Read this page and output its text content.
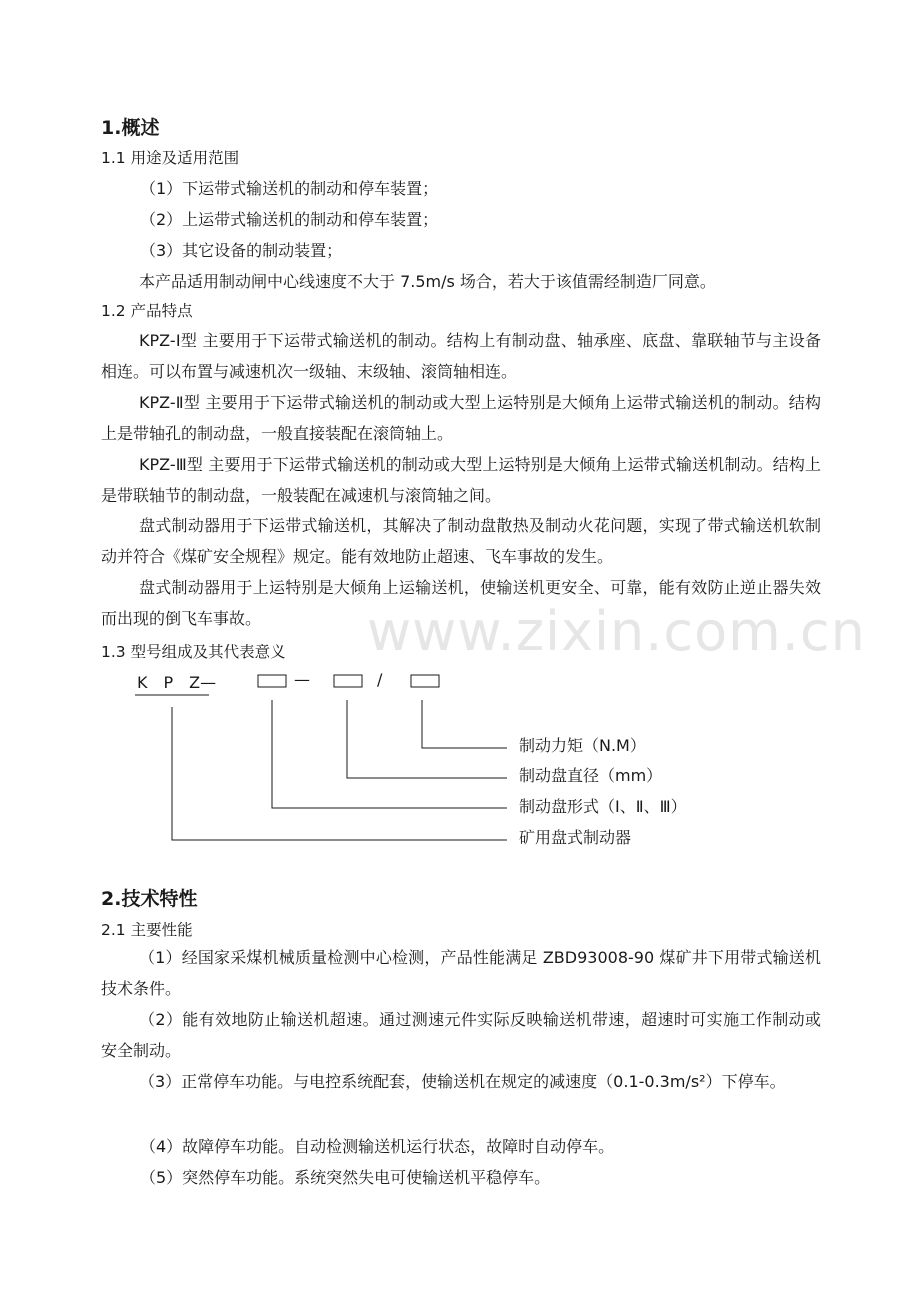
www.zixin.com.cn
1.概述
1.1 用途及适用范围
（1）下运带式输送机的制动和停车装置；
（2）上运带式输送机的制动和停车装置；
（3）其它设备的制动装置；
本产品适用制动闸中心线速度不大于 7.5m/s 场合，若大于该值需经制造厂同意。
1.2 产品特点
KPZ-Ⅰ型 主要用于下运带式输送机的制动。结构上有制动盘、轴承座、底盘、靠联轴节与主设备相连。可以布置与减速机次一级轴、末级轴、滚筒轴相连。
KPZ-Ⅱ型 主要用于下运带式输送机的制动或大型上运特别是大倾角上运带式输送机的制动。结构上是带轴孔的制动盘，一般直接装配在滚筒轴上。
KPZ-Ⅲ型 主要用于下运带式输送机的制动或大型上运特别是大倾角上运带式输送机制动。结构上是带联轴节的制动盘，一般装配在减速机与滚筒轴之间。
盘式制动器用于下运带式输送机，其解决了制动盘散热及制动火花问题，实现了带式输送机软制动并符合《煤矿安全规程》规定。能有效地防止超速、飞车事故的发生。
盘式制动器用于上运特别是大倾角上运输送机，使输送机更安全、可靠，能有效防止逆止器失效而出现的倒飞车事故。
1.3 型号组成及其代表意义
K　P　Z—	—	/
制动力矩（N.M）
制动盘直径（mm）
制动盘形式（Ⅰ、Ⅱ、Ⅲ）
矿用盘式制动器
2.技术特性
2.1 主要性能
（1）经国家采煤机械质量检测中心检测，产品性能满足 ZBD93008-90 煤矿井下用带式输送机技术条件。
（2）能有效地防止输送机超速。通过测速元件实际反映输送机带速，超速时可实施工作制动或安全制动。
（3）正常停车功能。与电控系统配套，使输送机在规定的减速度（0.1-0.3m/s²）下停车。
（4）故障停车功能。自动检测输送机运行状态，故障时自动停车。
（5）突然停车功能。系统突然失电可使输送机平稳停车。
